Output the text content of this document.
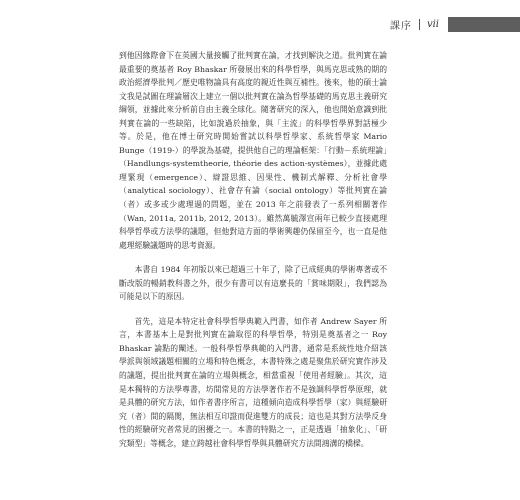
課序 vii

到他因緣際會下在英國大量接觸了批判實在論，才找到解決之道。批判實在論最重要的奠基者 Roy Bhaskar 所發展出來的科學哲學，與馬克思或熟的期的政治經濟學批判／歷史唯物論具有高度的親近性與互補性。後來，他的碩士論文我是試圖在理論層次上建立一個以批判實在論為哲學基礎的馬克思主義研究綱領，並據此來分析前自由主義全球化。隨著研究的深入，他也開始意識到批判實在論的一些缺陷，比如說過於抽象，與「主流」的科學哲學界對話極少等。於是，他在博士研究時開始嘗試以科學哲學家、系統哲學家 Mario Bunge（1919-）的學說為基礎，提供他自己的理論框架：「行動－系統理論」（Handlungs-systemtheorie, théorie des action-systèmes），並據此處理緊現（emergence）、辯證思維、因果性、機制式解釋、分析社會學（analytical sociology）、社會存有論（social ontology）等批判實在論（者）或多或少處理過的問題，並在 2013 年之前發表了一系列相關著作（Wan, 2011a, 2011b, 2012, 2013）。雖然萬毓澤宣兩年已較少直接處理科學哲學或方法學的議題，但他對這方面的學術興趣仍保留至今，也一直是他處理經驗議題時的思考資源。

本書自 1984 年初版以來已超過三十年了，除了已成經典的學術專著或不斷改版的暢銷教科書之外，很少有書可以有這麼長的「賞味期限」，我們認為可能是以下的原因。

首先，這是本特定社會科學哲學典範入門書，如作者 Andrew Sayer 所言，本書基本上是對批判實在論取徑的科學哲學，特別是奠基者之一 Roy Bhaskar 論點的闡述。一般科學哲學典範的入門書，通常是系統性地介紹該學派與領域議題相關的立場和特色概念，本書特殊之處是聚焦於研究實作涉及的議題，提出批判實在論的立場與概念，相當重視「使用者經驗」。其次，這是本獨特的方法學專書，坊間常見的方法學著作若不是強調科學哲學原理，就是具體的研究方法，如作者書序所言，這種傾向造成科學哲學（家）與經驗研究（者）間的隔閡，無法相互印證而促進雙方的成長；這也是其對方法學反身性的經驗研究者常見的困擾之一。本書的特點之一，正是透過「抽象化」、「研究類型」等概念，建立跨越社會科學哲學與具體研究方法間鴻溝的橋樑。
